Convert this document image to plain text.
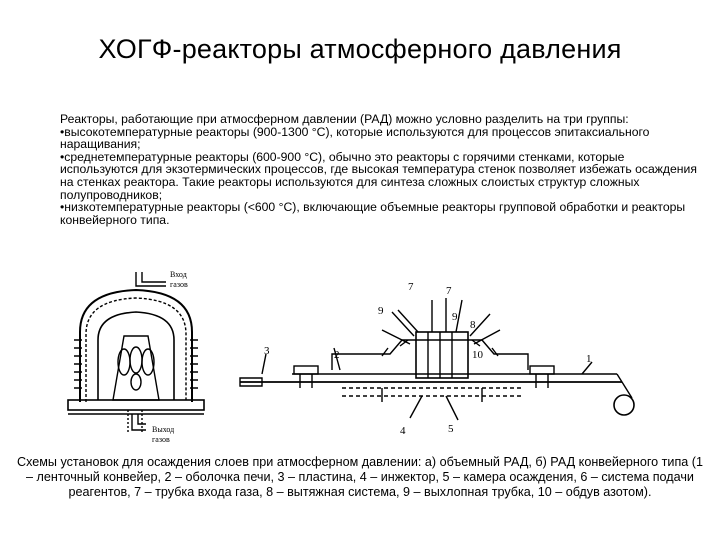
ХОГФ-реакторы атмосферного давления

Реакторы, работающие при атмосферном давлении (РАД) можно условно разделить на три группы:

•высокотемпературные реакторы (900-1300 °С), которые используются для процессов эпитаксиального наращивания;

•среднетемпературные реакторы (600-900 °С), обычно это реакторы с горячими стенками, которые используются для экзотермических процессов, где высокая температура стенок позволяет избежать осаждения на стенках реактора. Такие реакторы используются для синтеза сложных слоистых структур сложных полупроводников;

•низкотемпературные реакторы (<600 °С), включающие объемные реакторы групповой обработки и реакторы конвейерного типа.

Вход
газов
Выход
газов
7	7
9	9
8
3	2	10	1
4	5
Схемы установок для осаждения слоев при атмосферном давлении: а) объемный РАД, б) РАД конвейерного типа (1 – ленточный конвейер, 2 – оболочка печи, 3 – пластина, 4 – инжектор, 5 – камера осаждения, 6 – система подачи реагентов, 7 – трубка входа газа, 8 – вытяжная система, 9 – выхлопная трубка, 10 – обдув азотом).
